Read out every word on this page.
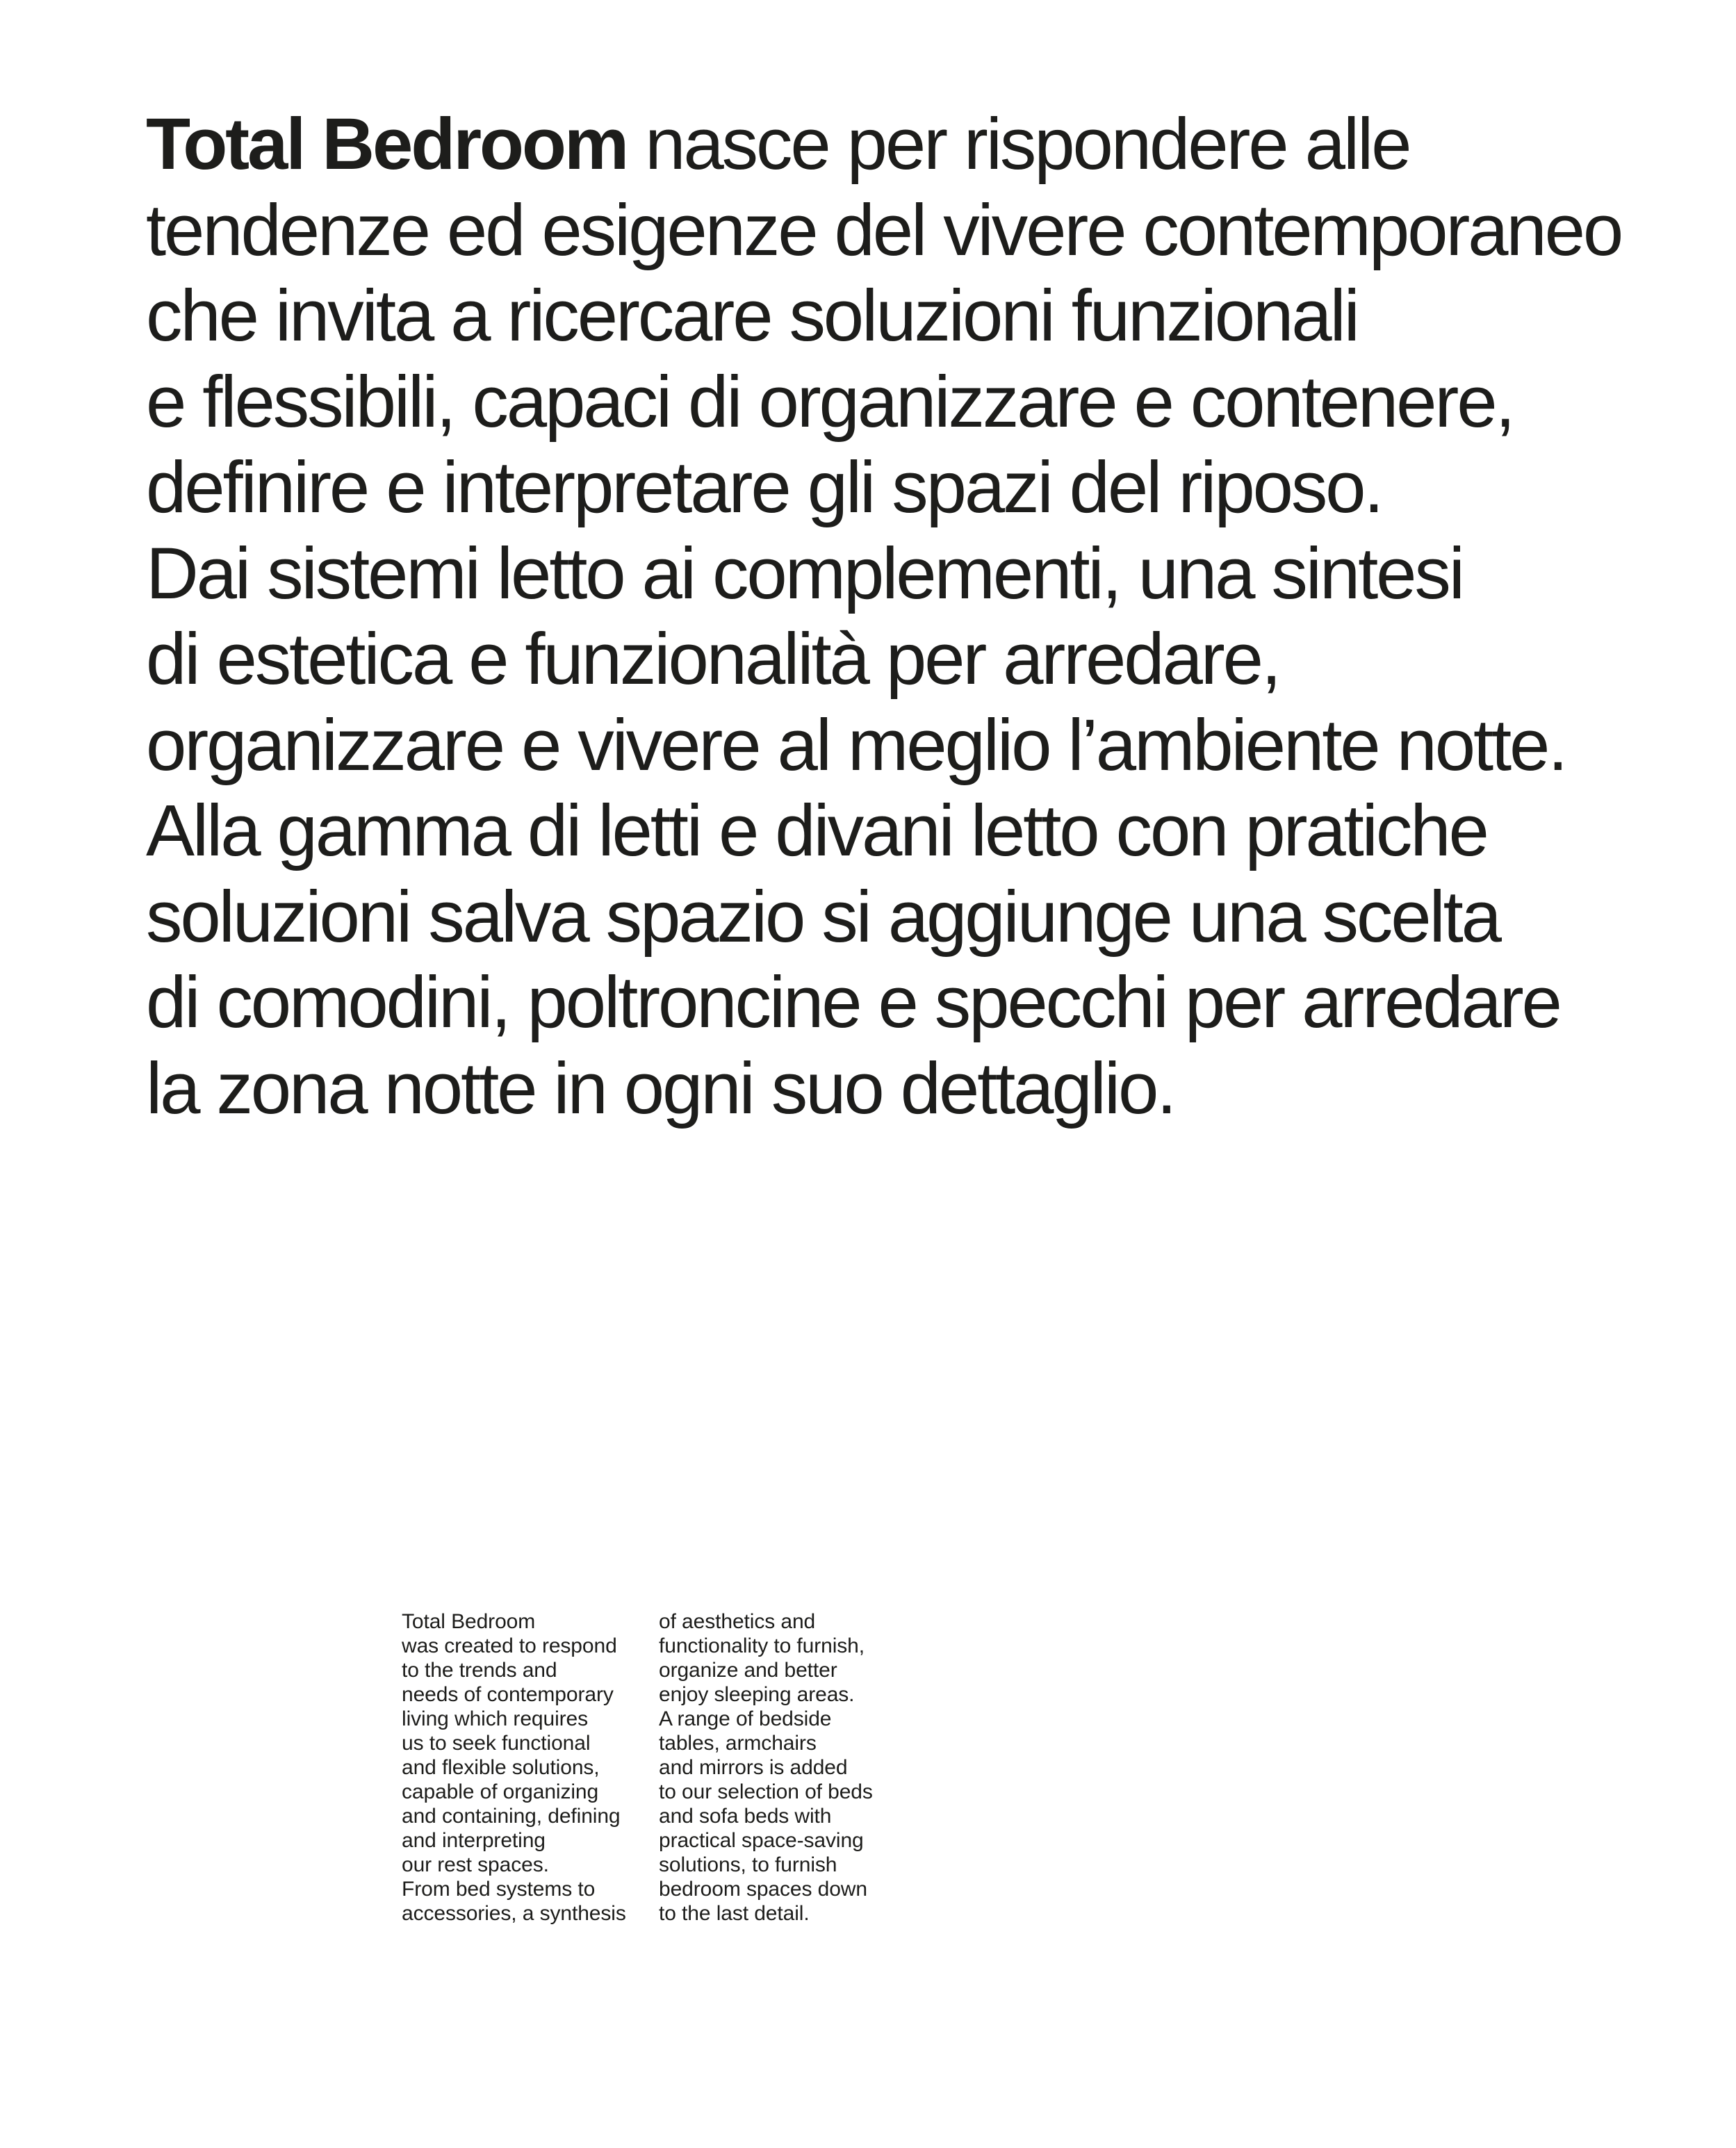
Total Bedroom nasce per rispondere alle
tendenze ed esigenze del vivere contemporaneo
che invita a ricercare soluzioni funzionali
e flessibili, capaci di organizzare e contenere,
definire e interpretare gli spazi del riposo.
Dai sistemi letto ai complementi, una sintesi
di estetica e funzionalità per arredare,
organizzare e vivere al meglio l’ambiente notte.
Alla gamma di letti e divani letto con pratiche
soluzioni salva spazio si aggiunge una scelta
di comodini, poltroncine e specchi per arredare
la zona notte in ogni suo dettaglio.
Total Bedroom
was created to respond
to the trends and
needs of contemporary
living which requires
us to seek functional
and flexible solutions,
capable of organizing
and containing, defining
and interpreting
our rest spaces.
From bed systems to
accessories, a synthesis
of aesthetics and
functionality to furnish,
organize and better
enjoy sleeping areas.
A range of bedside
tables, armchairs
and mirrors is added
to our selection of beds
and sofa beds with
practical space-saving
solutions, to furnish
bedroom spaces down
to the last detail.
